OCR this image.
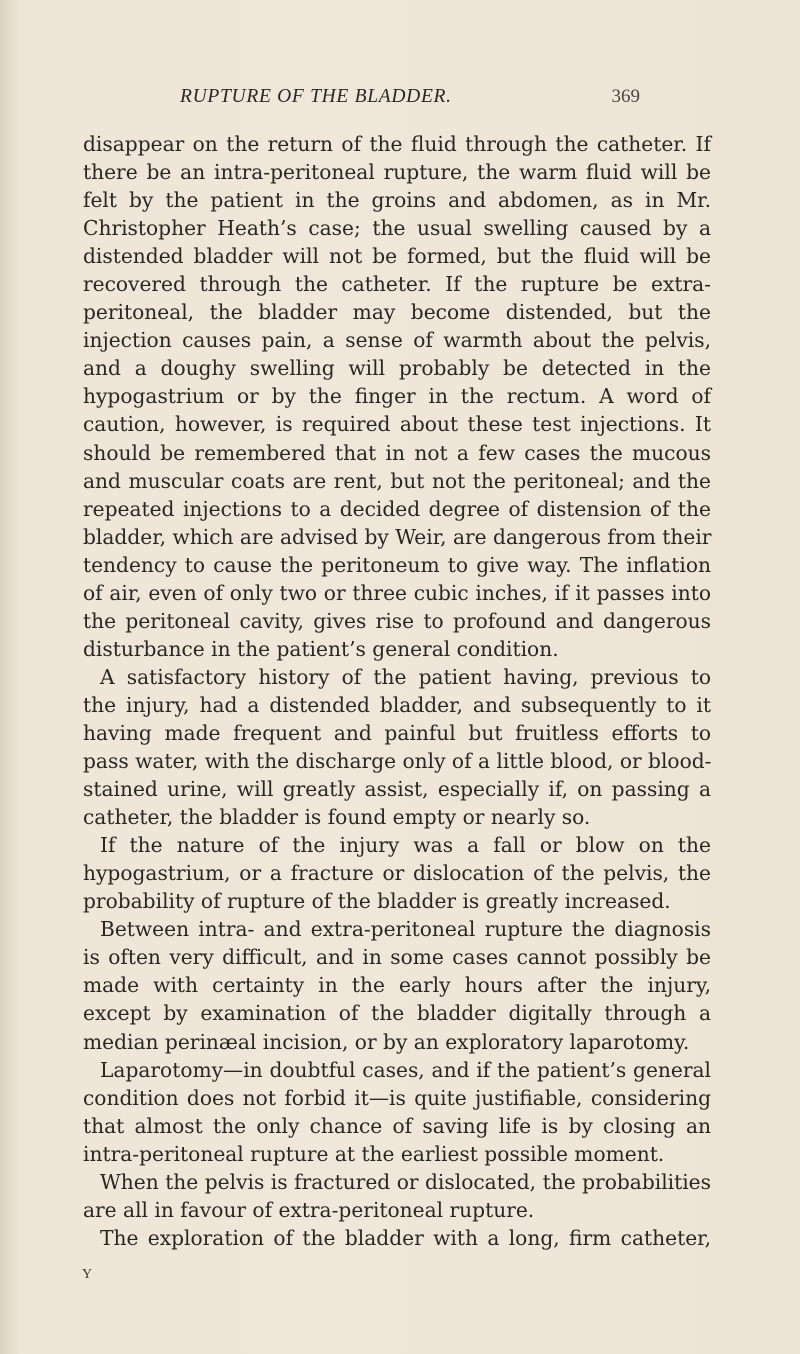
RUPTURE OF THE BLADDER.	369
disappear on the return of the fluid through the catheter. If
there be an intra-peritoneal rupture, the warm fluid will be
felt by the patient in the groins and abdomen, as in Mr.
Christopher Heath’s case; the usual swelling caused by a
distended bladder will not be formed, but the fluid will be
recovered through the catheter. If the rupture be extra-
peritoneal, the bladder may become distended, but the
injection causes pain, a sense of warmth about the pelvis,
and a doughy swelling will probably be detected in the
hypogastrium or by the finger in the rectum. A word of
caution, however, is required about these test injections. It
should be remembered that in not a few cases the mucous
and muscular coats are rent, but not the peritoneal; and the
repeated injections to a decided degree of distension of the
bladder, which are advised by Weir, are dangerous from their
tendency to cause the peritoneum to give way. The inflation
of air, even of only two or three cubic inches, if it passes into
the peritoneal cavity, gives rise to profound and dangerous
disturbance in the patient’s general condition.
A satisfactory history of the patient having, previous to
the injury, had a distended bladder, and subsequently to it
having made frequent and painful but fruitless efforts to
pass water, with the discharge only of a little blood, or blood-
stained urine, will greatly assist, especially if, on passing a
catheter, the bladder is found empty or nearly so.
If the nature of the injury was a fall or blow on the
hypogastrium, or a fracture or dislocation of the pelvis, the
probability of rupture of the bladder is greatly increased.
Between intra- and extra-peritoneal rupture the diagnosis
is often very difficult, and in some cases cannot possibly be
made with certainty in the early hours after the injury,
except by examination of the bladder digitally through a
median perinæal incision, or by an exploratory laparotomy.
Laparotomy—in doubtful cases, and if the patient’s general
condition does not forbid it—is quite justifiable, considering
that almost the only chance of saving life is by closing an
intra-peritoneal rupture at the earliest possible moment.
When the pelvis is fractured or dislocated, the probabilities
are all in favour of extra-peritoneal rupture.
The exploration of the bladder with a long, firm catheter,
Y
